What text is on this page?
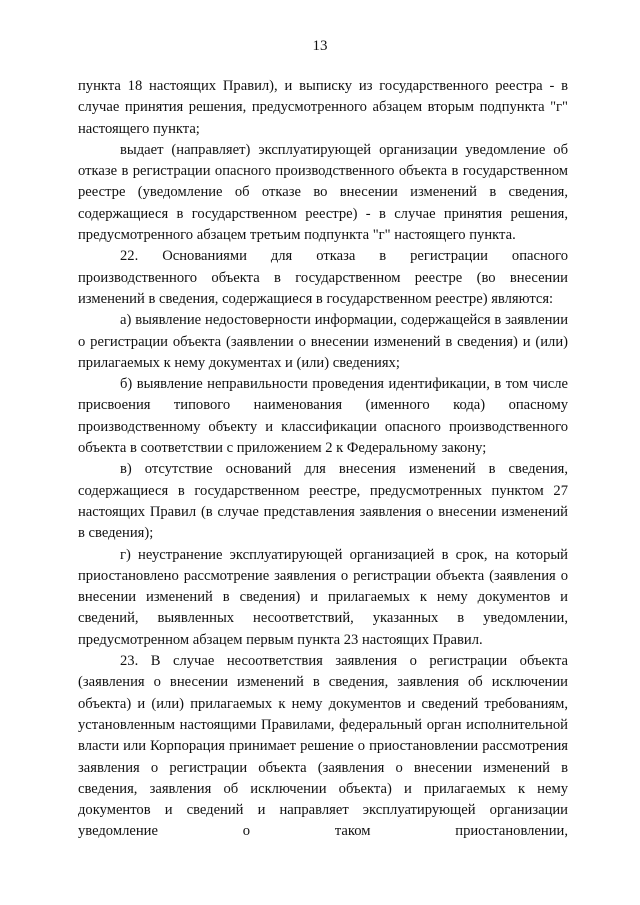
13

пункта 18 настоящих Правил), и выписку из государственного реестра - в случае принятия решения, предусмотренного абзацем вторым подпункта "г" настоящего пункта;

выдает (направляет) эксплуатирующей организации уведомление об отказе в регистрации опасного производственного объекта в государственном реестре (уведомление об отказе во внесении изменений в сведения, содержащиеся в государственном реестре) - в случае принятия решения, предусмотренного абзацем третьим подпункта "г" настоящего пункта.

22. Основаниями для отказа в регистрации опасного производственного объекта в государственном реестре (во внесении изменений в сведения, содержащиеся в государственном реестре) являются:

а) выявление недостоверности информации, содержащейся в заявлении о регистрации объекта (заявлении о внесении изменений в сведения) и (или) прилагаемых к нему документах и (или) сведениях;

б) выявление неправильности проведения идентификации, в том числе присвоения типового наименования (именного кода) опасному производственному объекту и классификации опасного производственного объекта в соответствии с приложением 2 к Федеральному закону;

в) отсутствие оснований для внесения изменений в сведения, содержащиеся в государственном реестре, предусмотренных пунктом 27 настоящих Правил (в случае представления заявления о внесении изменений в сведения);

г) неустранение эксплуатирующей организацией в срок, на который приостановлено рассмотрение заявления о регистрации объекта (заявления о внесении изменений в сведения) и прилагаемых к нему документов и сведений, выявленных несоответствий, указанных в уведомлении, предусмотренном абзацем первым пункта 23 настоящих Правил.

23. В случае несоответствия заявления о регистрации объекта (заявления о внесении изменений в сведения, заявления об исключении объекта) и (или) прилагаемых к нему документов и сведений требованиям, установленным настоящими Правилами, федеральный орган исполнительной власти или Корпорация принимает решение о приостановлении рассмотрения заявления о регистрации объекта (заявления о внесении изменений в сведения, заявления об исключении объекта) и прилагаемых к нему документов и сведений и направляет эксплуатирующей организации уведомление о таком приостановлении,
